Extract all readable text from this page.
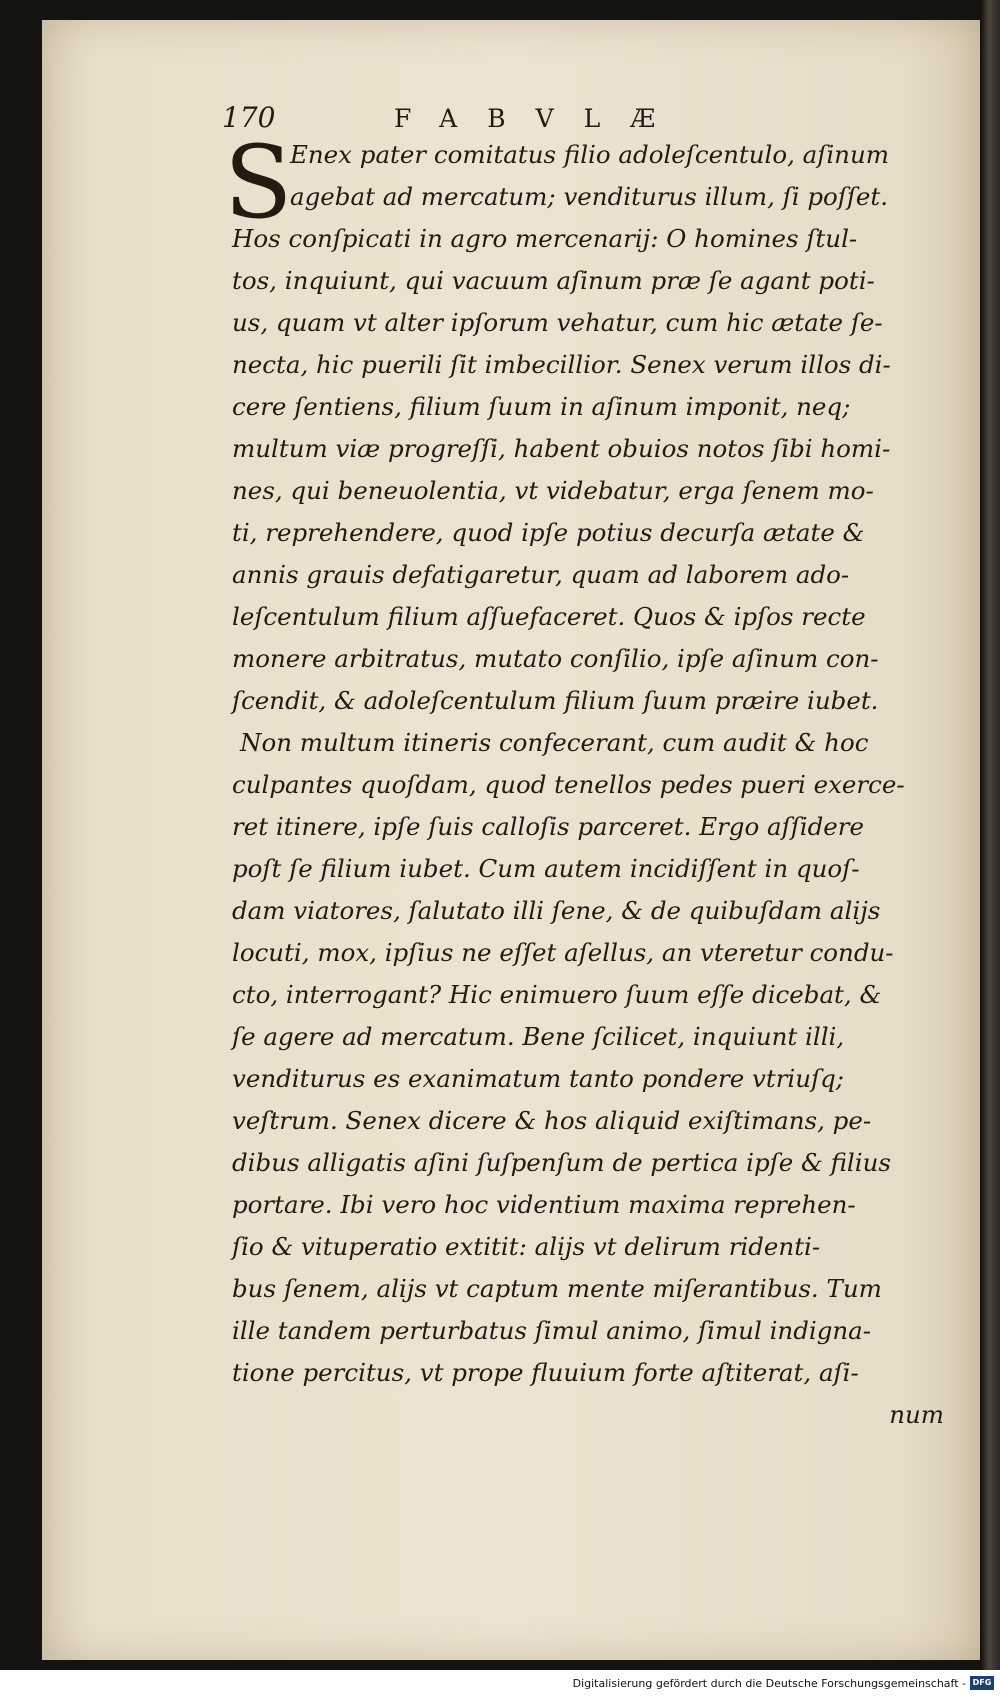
170	FABVLÆ
S
Enex pater comitatus filio adoleſcentulo, aſinum
agebat ad mercatum; venditurus illum, ſi poſſet.
Hos conſpicati in agro mercenarij: O homines ſtul-
tos, inquiunt, qui vacuum aſinum præ ſe agant poti-
us, quam vt alter ipſorum vehatur, cum hic ætate ſe-
necta, hic puerili ſit imbecillior. Senex verum illos di-
cere ſentiens, filium ſuum in aſinum imponit, neq;
multum viæ progreſſi, habent obuios notos ſibi homi-
nes, qui beneuolentia, vt videbatur, erga ſenem mo-
ti, reprehendere, quod ipſe potius decurſa ætate &
annis grauis defatigaretur, quam ad laborem ado-
leſcentulum filium aſſuefaceret. Quos & ipſos recte
monere arbitratus, mutato conſilio, ipſe aſinum con-
ſcendit, & adoleſcentulum filium ſuum præire iubet.
Non multum itineris confecerant, cum audit & hoc
culpantes quoſdam, quod tenellos pedes pueri exerce-
ret itinere, ipſe ſuis calloſis parceret. Ergo aſſidere
poſt ſe filium iubet. Cum autem incidiſſent in quoſ-
dam viatores, ſalutato illi ſene, & de quibuſdam alijs
locuti, mox, ipſius ne eſſet aſellus, an vteretur condu-
cto, interrogant? Hic enimuero ſuum eſſe dicebat, &
ſe agere ad mercatum. Bene ſcilicet, inquiunt illi,
venditurus es exanimatum tanto pondere vtriuſq;
veſtrum. Senex dicere & hos aliquid exiſtimans, pe-
dibus alligatis aſini ſuſpenſum de pertica ipſe & filius
portare. Ibi vero hoc videntium maxima reprehen-
ſio & vituperatio extitit: alijs vt delirum ridenti-
bus ſenem, alijs vt captum mente miſerantibus. Tum
ille tandem perturbatus ſimul animo, ſimul indigna-
tione percitus, vt prope fluuium forte aſtiterat, aſi-
num
Digitalisierung gefördert durch die Deutsche Forschungsgemeinschaft - DFG
